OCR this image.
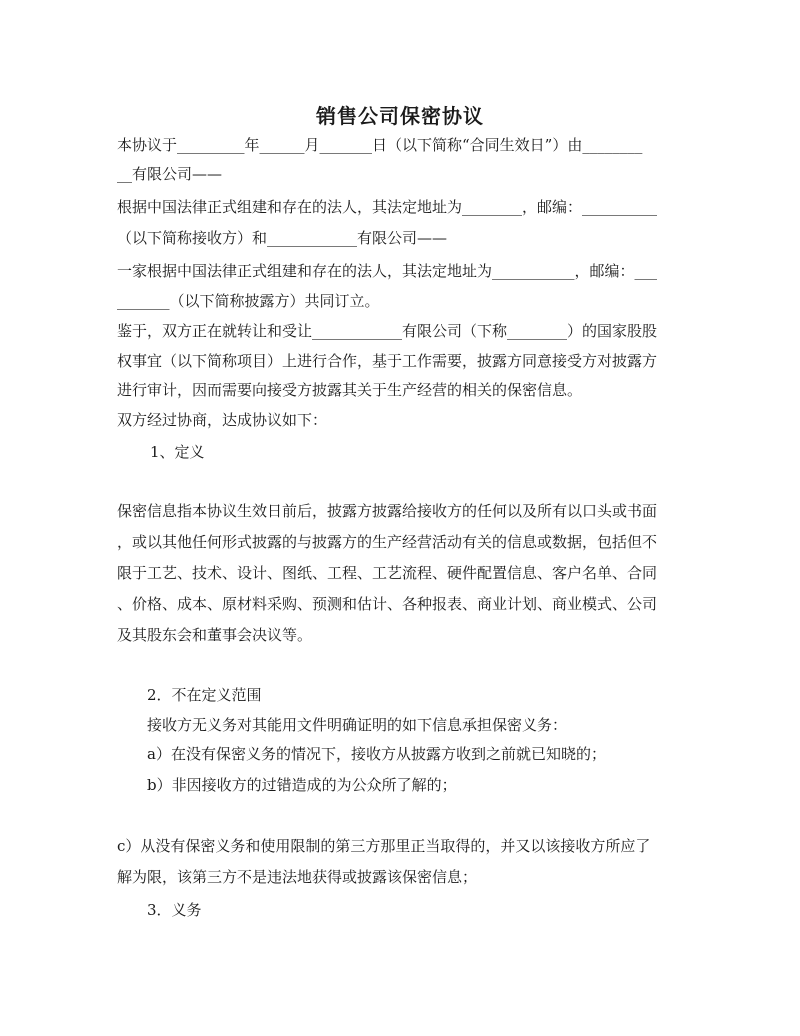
销售公司保密协议
本协议于_________年______月_______日（以下简称“合同生效日”）由________
__有限公司——
根据中国法律正式组建和存在的法人，其法定地址为________，邮编：__________
（以下简称接收方）和____________有限公司——
一家根据中国法律正式组建和存在的法人，其法定地址为___________，邮编：___
_______（以下简称披露方）共同订立。
鉴于，双方正在就转让和受让____________有限公司（下称________）的国家股股
权事宜（以下简称项目）上进行合作，基于工作需要，披露方同意接受方对披露方
进行审计，因而需要向接受方披露其关于生产经营的相关的保密信息。
双方经过协商，达成协议如下：
1、定义
保密信息指本协议生效日前后，披露方披露给接收方的任何以及所有以口头或书面
，或以其他任何形式披露的与披露方的生产经营活动有关的信息或数据，包括但不
限于工艺、技术、设计、图纸、工程、工艺流程、硬件配置信息、客户名单、合同
、价格、成本、原材料采购、预测和估计、各种报表、商业计划、商业模式、公司
及其股东会和董事会决议等。
2．不在定义范围
接收方无义务对其能用文件明确证明的如下信息承担保密义务：
a）在没有保密义务的情况下，接收方从披露方收到之前就已知晓的；
b）非因接收方的过错造成的为公众所了解的；
c）从没有保密义务和使用限制的第三方那里正当取得的，并又以该接收方所应了
解为限，该第三方不是违法地获得或披露该保密信息；
3．义务
